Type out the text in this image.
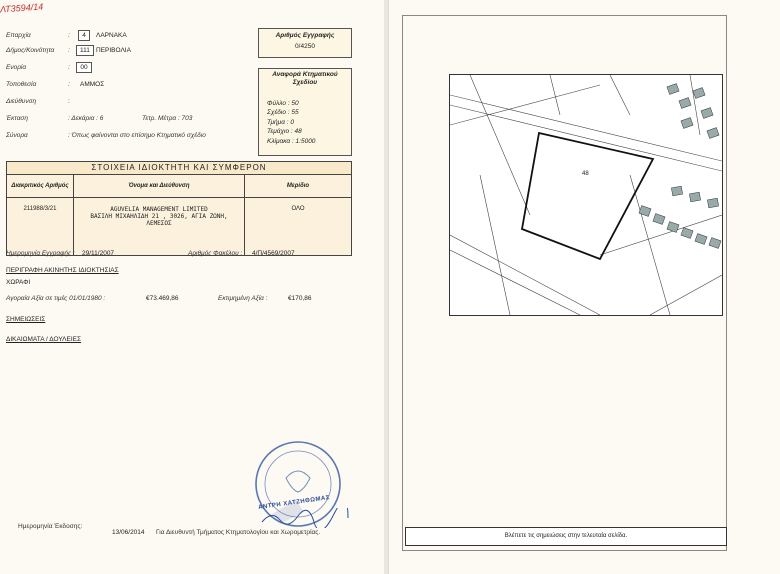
ΛΤ3594/14
Επαρχία	:	4	ΛΑΡΝΑΚΑ
Δήμος/Κοινότητα :	111 ΠΕΡΙΒΟΛΙΑ
Ενορία	:	00
Τοποθεσία	: ΑΜΜΟΣ
Διεύθυνση	:
Έκταση	: Δεκάρια : 6	Τετρ. Μέτρα : 703
Σύνορα	: Όπως φαίνονται στο επίσημο Κτηματικό σχέδιο
Αριθμός Εγγραφής
0/4250
Αναφορά Κτηματικού Σχεδίου
Φύλλο : 50
Σχέδιο : 55
Τμήμα : 0
Τεμάχιο : 48
Κλίμακα : 1:5000
ΣΤΟΙΧΕΙΑ ΙΔΙΟΚΤΗΤΗ ΚΑΙ ΣΥΜΦΕΡΟΝ
Διακριτικός Αριθμός	Όνομα και Διεύθυνση	Μερίδιο
211988/3/21	AGUVELIA MANAGEMENT LIMITED
ΒΑΣΙΛΗ ΜΙΧΑΗΛΙΔΗ 21 , 3026, ΑΓΙΑ ΖΩΝΗ,
ΛΕΜΕΣΟΣ	ΟΛΟ
Ημερομηνία Εγγραφής : 29/11/2007	Αριθμός Φακέλου : 4/Π/4569/2007
ΠΕΡΙΓΡΑΦΗ ΑΚΙΝΗΤΗΣ ΙΔΙΟΚΤΗΣΙΑΣ
ΧΩΡΑΦΙ
Αγοραία Αξία σε τιμές 01/01/1980 :	€73.469,86	Εκτιμημένη Αξία :	€170,86
ΣΗΜΕΙΩΣΕΙΣ
ΔΙΚΑΙΩΜΑΤΑ / ΔΟΥΛΕΙΕΣ
ΑΝΤΡΗ ΧΑΤΖΗΘΩΜΑΣ
Ημερομηνία Έκδοσης:
13/06/2014 Για Διευθυντή Τμήματος Κτηματολογίου και Χωρομετρίας.
48
Βλέπετε τις σημειώσεις στην τελευταία σελίδα.
